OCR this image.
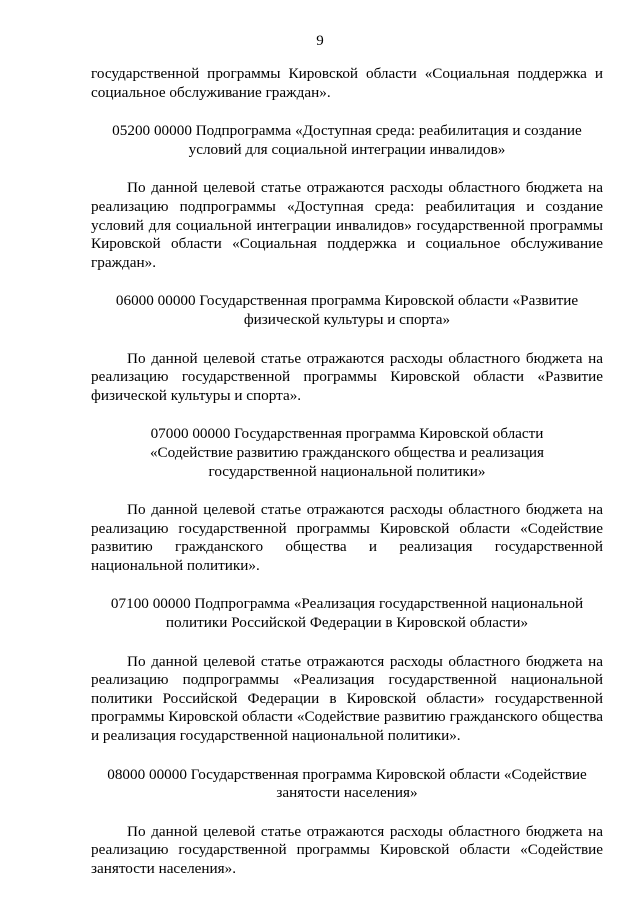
9

государственной программы Кировской области «Социальная поддержка и социальное обслуживание граждан».

05200 00000 Подпрограмма «Доступная среда: реабилитация и создание условий для социальной интеграции инвалидов»

По данной целевой статье отражаются расходы областного бюджета на реализацию подпрограммы «Доступная среда: реабилитация и создание условий для социальной интеграции инвалидов» государственной программы Кировской области «Социальная поддержка и социальное обслуживание граждан».

06000 00000 Государственная программа Кировской области «Развитие физической культуры и спорта»

По данной целевой статье отражаются расходы областного бюджета на реализацию государственной программы Кировской области «Развитие физической культуры и спорта».

07000 00000 Государственная программа Кировской области «Содействие развитию гражданского общества и реализация государственной национальной политики»

По данной целевой статье отражаются расходы областного бюджета на реализацию государственной программы Кировской области «Содействие развитию гражданского общества и реализация государственной национальной политики».

07100 00000 Подпрограмма «Реализация государственной национальной политики Российской Федерации в Кировской области»

По данной целевой статье отражаются расходы областного бюджета на реализацию подпрограммы «Реализация государственной национальной политики Российской Федерации в Кировской области» государственной программы Кировской области «Содействие развитию гражданского общества и реализация государственной национальной политики».

08000 00000 Государственная программа Кировской области «Содействие занятости населения»

По данной целевой статье отражаются расходы областного бюджета на реализацию государственной программы Кировской области «Содействие занятости населения».
